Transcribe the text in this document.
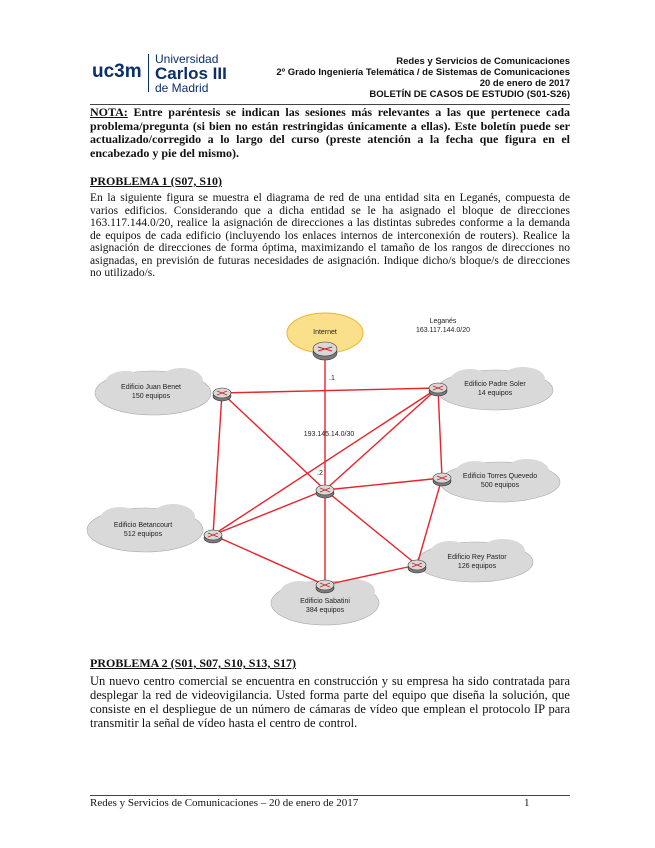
uc3m
Universidad
Carlos III
de Madrid
Redes y Servicios de Comunicaciones
2º Grado Ingeniería Telemática / de Sistemas de Comunicaciones
20 de enero de 2017
BOLETÍN DE CASOS DE ESTUDIO (S01-S26)
NOTA: Entre paréntesis se indican las sesiones más relevantes a las que pertenece cada problema/pregunta (si bien no están restringidas únicamente a ellas). Este boletín puede ser actualizado/corregido a lo largo del curso (preste atención a la fecha que figura en el encabezado y pie del mismo).
PROBLEMA 1 (S07, S10)
En la siguiente figura se muestra el diagrama de red de una entidad sita en Leganés, compuesta de varios edificios. Considerando que a dicha entidad se le ha asignado el bloque de direcciones 163.117.144.0/20, realice la asignación de direcciones a las distintas subredes conforme a la demanda de equipos de cada edificio (incluyendo los enlaces internos de interconexión de routers). Realice la asignación de direcciones de forma óptima, maximizando el tamaño de los rangos de direcciones no asignadas, en previsión de futuras necesidades de asignación. Indique dicho/s bloque/s de direcciones no utilizado/s.
Internet
Leganés
163.117.144.0/20
.1
193.145.14.0/30
.2
Edificio Juan Benet
150 equipos
Edificio Padre Soler
14 equipos
Edificio Torres Quevedo
500 equipos
Edificio Betancourt
512 equipos
Edificio Rey Pastor
126 equipos
Edificio Sabatini
384 equipos
PROBLEMA 2 (S01, S07, S10, S13, S17)
Un nuevo centro comercial se encuentra en construcción y su empresa ha sido contratada para desplegar la red de videovigilancia. Usted forma parte del equipo que diseña la solución, que consiste en el despliegue de un número de cámaras de vídeo que emplean el protocolo IP para transmitir la señal de vídeo hasta el centro de control.
Redes y Servicios de Comunicaciones – 20 de enero de 2017	1
